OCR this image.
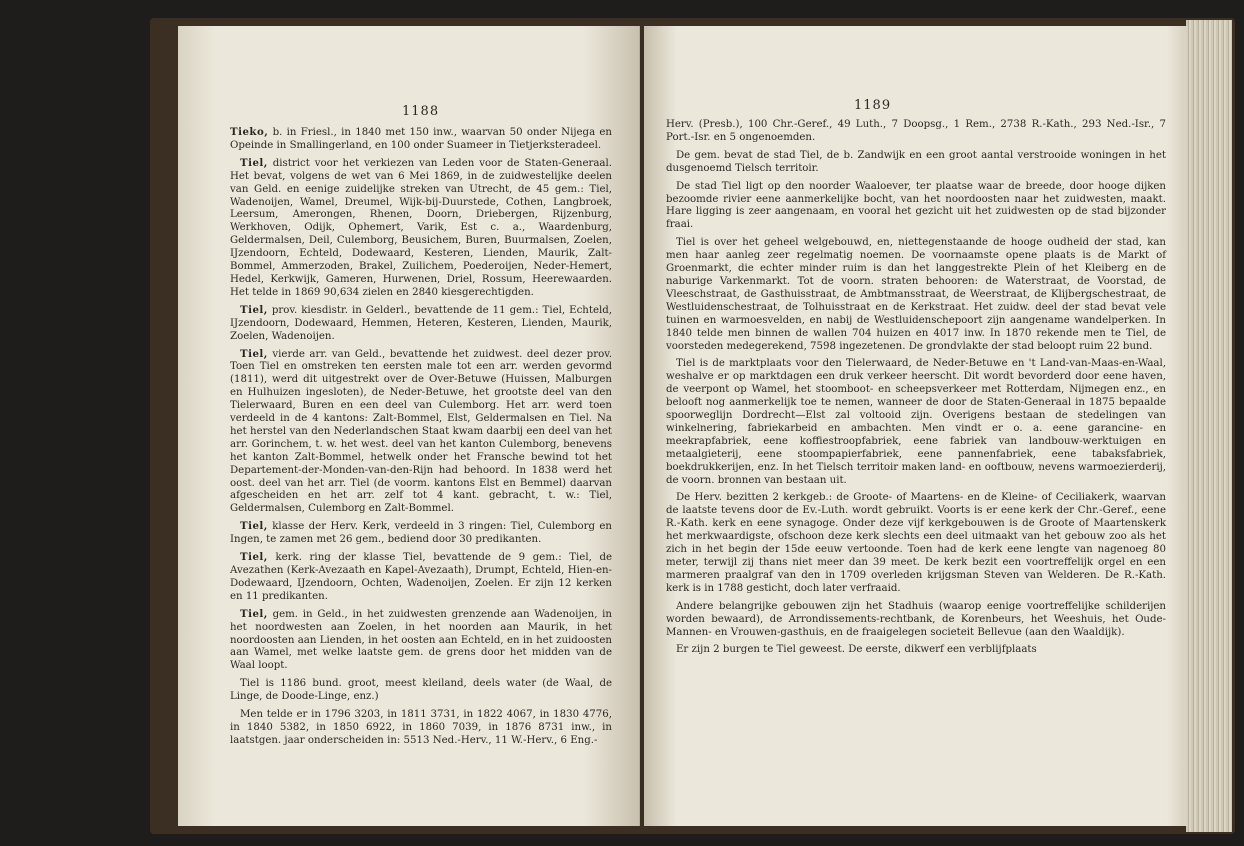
1188

Tieko, b. in Friesl., in 1840 met 150 inw., waarvan 50 onder Nijega en Opeinde in Smallingerland, en 100 onder Suameer in Tietjerksteradeel.

Tiel, district voor het verkiezen van Leden voor de Staten-Generaal. Het bevat, volgens de wet van 6 Mei 1869, in de zuidwestelijke deelen van Geld. en eenige zuidelijke streken van Utrecht, de 45 gem.: Tiel, Wadenoijen, Wamel, Dreumel, Wijk-bij-Duurstede, Cothen, Langbroek, Leersum, Amerongen, Rhenen, Doorn, Driebergen, Rijzenburg, Werkhoven, Odijk, Ophemert, Varik, Est c. a., Waardenburg, Geldermalsen, Deil, Culemborg, Beusichem, Buren, Buurmalsen, Zoelen, IJzendoorn, Echteld, Dodewaard, Kesteren, Lienden, Maurik, Zalt-Bommel, Ammerzoden, Brakel, Zuilichem, Poederoijen, Neder-Hemert, Hedel, Kerkwijk, Gameren, Hurwenen, Driel, Rossum, Heerewaarden. Het telde in 1869 90,634 zielen en 2840 kiesgerechtigden.

Tiel, prov. kiesdistr. in Gelderl., bevattende de 11 gem.: Tiel, Echteld, IJzendoorn, Dodewaard, Hemmen, Heteren, Kesteren, Lienden, Maurik, Zoelen, Wadenoijen.

Tiel, vierde arr. van Geld., bevattende het zuidwest. deel dezer prov. Toen Tiel en omstreken ten eersten male tot een arr. werden gevormd (1811), werd dit uitgestrekt over de Over-Betuwe (Huissen, Malburgen en Hulhuizen ingesloten), de Neder-Betuwe, het grootste deel van den Tielerwaard, Buren en een deel van Culemborg. Het arr. werd toen verdeeld in de 4 kantons: Zalt-Bommel, Elst, Geldermalsen en Tiel. Na het herstel van den Nederlandschen Staat kwam daarbij een deel van het arr. Gorinchem, t. w. het west. deel van het kanton Culemborg, benevens het kanton Zalt-Bommel, hetwelk onder het Fransche bewind tot het Departement-der-Monden-van-den-Rijn had behoord. In 1838 werd het oost. deel van het arr. Tiel (de voorm. kantons Elst en Bemmel) daarvan afgescheiden en het arr. zelf tot 4 kant. gebracht, t. w.: Tiel, Geldermalsen, Culemborg en Zalt-Bommel.

Tiel, klasse der Herv. Kerk, verdeeld in 3 ringen: Tiel, Culemborg en Ingen, te zamen met 26 gem., bediend door 30 predikanten.

Tiel, kerk. ring der klasse Tiel, bevattende de 9 gem.: Tiel, de Avezathen (Kerk-Avezaath en Kapel-Avezaath), Drumpt, Echteld, Hien-en-Dodewaard, IJzendoorn, Ochten, Wadenoijen, Zoelen. Er zijn 12 kerken en 11 predikanten.

Tiel, gem. in Geld., in het zuidwesten grenzende aan Wadenoijen, in het noordwesten aan Zoelen, in het noorden aan Maurik, in het noordoosten aan Lienden, in het oosten aan Echteld, en in het zuidoosten aan Wamel, met welke laatste gem. de grens door het midden van de Waal loopt.

Tiel is 1186 bund. groot, meest kleiland, deels water (de Waal, de Linge, de Doode-Linge, enz.)

Men telde er in 1796 3203, in 1811 3731, in 1822 4067, in 1830 4776, in 1840 5382, in 1850 6922, in 1860 7039, in 1876 8731 inw., in laatstgen. jaar onderscheiden in: 5513 Ned.-Herv., 11 W.-Herv., 6 Eng.-

1189

Herv. (Presb.), 100 Chr.-Geref., 49 Luth., 7 Doopsg., 1 Rem., 2738 R.-Kath., 293 Ned.-Isr., 7 Port.-Isr. en 5 ongenoemden.

De gem. bevat de stad Tiel, de b. Zandwijk en een groot aantal verstrooide woningen in het dusgenoemd Tielsch territoir.

De stad Tiel ligt op den noorder Waaloever, ter plaatse waar de breede, door hooge dijken bezoomde rivier eene aanmerkelijke bocht, van het noordoosten naar het zuidwesten, maakt. Hare ligging is zeer aangenaam, en vooral het gezicht uit het zuidwesten op de stad bijzonder fraai.

Tiel is over het geheel welgebouwd, en, niettegenstaande de hooge oudheid der stad, kan men haar aanleg zeer regelmatig noemen. De voornaamste opene plaats is de Markt of Groenmarkt, die echter minder ruim is dan het langgestrekte Plein of het Kleiberg en de naburige Varkenmarkt. Tot de voorn. straten behooren: de Waterstraat, de Voorstad, de Vleeschstraat, de Gasthuisstraat, de Ambtmansstraat, de Weerstraat, de Klijbergschestraat, de Westluidenschestraat, de Tolhuisstraat en de Kerkstraat. Het zuidw. deel der stad bevat vele tuinen en warmoesvelden, en nabij de Westluidenschepoort zijn aangename wandelperken. In 1840 telde men binnen de wallen 704 huizen en 4017 inw. In 1870 rekende men te Tiel, de voorsteden medegerekend, 7598 ingezetenen. De grondvlakte der stad beloopt ruim 22 bund.

Tiel is de marktplaats voor den Tielerwaard, de Neder-Betuwe en 't Land-van-Maas-en-Waal, weshalve er op marktdagen een druk verkeer heerscht. Dit wordt bevorderd door eene haven, de veerpont op Wamel, het stoomboot- en scheepsverkeer met Rotterdam, Nijmegen enz., en belooft nog aanmerkelijk toe te nemen, wanneer de door de Staten-Generaal in 1875 bepaalde spoorweglijn Dordrecht—Elst zal voltooid zijn. Overigens bestaan de stedelingen van winkelnering, fabriekarbeid en ambachten. Men vindt er o. a. eene garancine- en meekrapfabriek, eene koffiestroopfabriek, eene fabriek van landbouw-werktuigen en metaalgieterij, eene stoompapierfabriek, eene pannenfabriek, eene tabaksfabriek, boekdrukkerijen, enz. In het Tielsch territoir maken land- en ooftbouw, nevens warmoezierderij, de voorn. bronnen van bestaan uit.

De Herv. bezitten 2 kerkgeb.: de Groote- of Maartens- en de Kleine- of Ceciliakerk, waarvan de laatste tevens door de Ev.-Luth. wordt gebruikt. Voorts is er eene kerk der Chr.-Geref., eene R.-Kath. kerk en eene synagoge. Onder deze vijf kerkgebouwen is de Groote of Maartenskerk het merkwaardigste, ofschoon deze kerk slechts een deel uitmaakt van het gebouw zoo als het zich in het begin der 15de eeuw vertoonde. Toen had de kerk eene lengte van nagenoeg 80 meter, terwijl zij thans niet meer dan 39 meet. De kerk bezit een voortreffelijk orgel en een marmeren praalgraf van den in 1709 overleden krijgsman Steven van Welderen. De R.-Kath. kerk is in 1788 gesticht, doch later verfraaid.

Andere belangrijke gebouwen zijn het Stadhuis (waarop eenige voortreffelijke schilderijen worden bewaard), de Arrondissements-rechtbank, de Korenbeurs, het Weeshuis, het Oude-Mannen- en Vrouwen-gasthuis, en de fraaigelegen societeit Bellevue (aan den Waaldijk).

Er zijn 2 burgen te Tiel geweest. De eerste, dikwerf een verblijfplaats
